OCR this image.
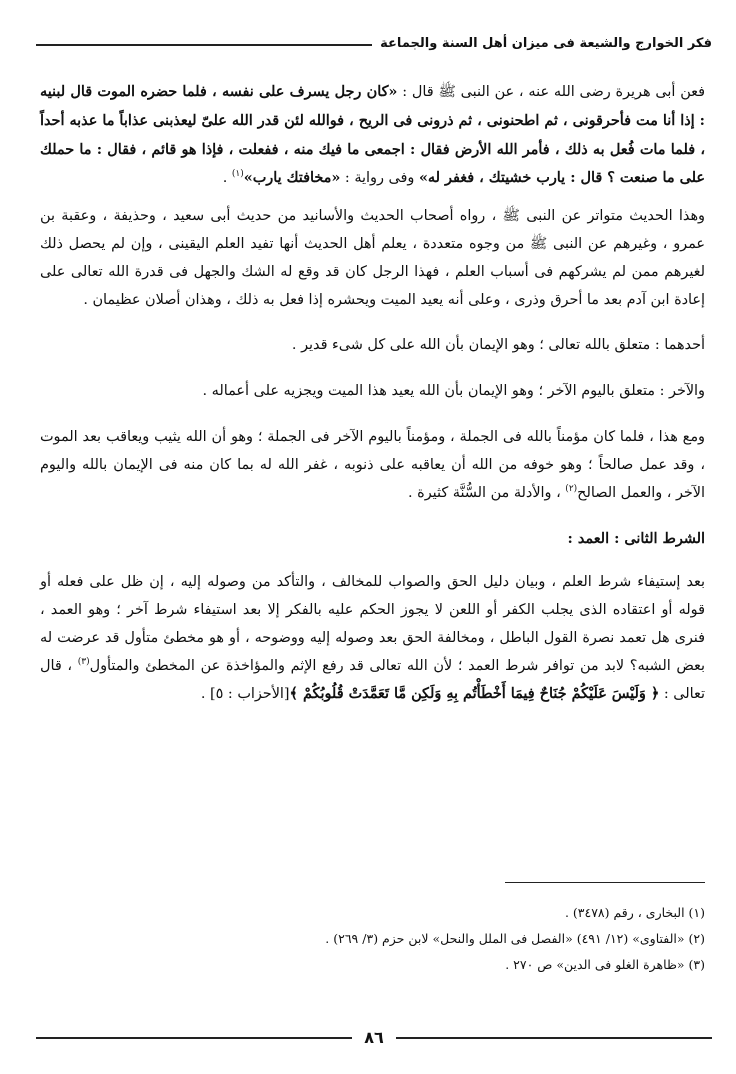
فكر الخوارج والشيعة فى ميزان أهل السنة والجماعة

فعن أبى هريرة رضى الله عنه ، عن النبى ﷺ قال : «كان رجل يسرف على نفسه ، فلما حضره الموت قال لبنيه : إذا أنا مت فأحرقونى ، ثم اطحنونى ، ثم ذرونى فى الريح ، فوالله لئن قدر الله علىّ ليعذبنى عذاباً ما عذبه أحداً ، فلما مات فُعل به ذلك ، فأمر الله الأرض فقال : اجمعى ما فيك منه ، ففعلت ، فإذا هو قائم ، فقال : ما حملك على ما صنعت ؟ قال : يارب خشيتك ، فغفر له» وفى رواية : «مخافتك يارب»$^{(١)}$ .

وهذا الحديث متواتر عن النبى ﷺ ، رواه أصحاب الحديث والأسانيد من حديث أبى سعيد ، وحذيفة ، وعقبة بن عمرو ، وغيرهم عن النبى ﷺ من وجوه متعددة ، يعلم أهل الحديث أنها تفيد العلم اليقينى ، وإن لم يحصل ذلك لغيرهم ممن لم يشركهم فى أسباب العلم ، فهذا الرجل كان قد وقع له الشك والجهل فى قدرة الله تعالى على إعادة ابن آدم بعد ما أحرق وذرى ، وعلى أنه يعيد الميت ويحشره إذا فعل به ذلك ، وهذان أصلان عظيمان .

أحدهما : متعلق بالله تعالى ؛ وهو الإيمان بأن الله على كل شىء قدير .

والآخر : متعلق باليوم الآخر ؛ وهو الإيمان بأن الله يعيد هذا الميت ويجزيه على أعماله .

ومع هذا ، فلما كان مؤمناً بالله فى الجملة ، ومؤمناً باليوم الآخر فى الجملة ؛ وهو أن الله يثيب ويعاقب بعد الموت ، وقد عمل صالحاً ؛ وهو خوفه من الله أن يعاقبه على ذنوبه ، غفر الله له بما كان منه فى الإيمان بالله واليوم الآخر ، والعمل الصالح$^{(٢)}$ ، والأدلة من السُّنَّة كثيرة .

الشرط الثانى : العمد :

بعد إستيفاء شرط العلم ، وبيان دليل الحق والصواب للمخالف ، والتأكد من وصوله إليه ، إن ظل على فعله أو قوله أو اعتقاده الذى يجلب الكفر أو اللعن لا يجوز الحكم عليه بالفكر إلا بعد استيفاء شرط آخر ؛ وهو العمد ، فنرى هل تعمد نصرة القول الباطل ، ومخالفة الحق بعد وصوله إليه ووضوحه ، أو هو مخطئ متأول قد عرضت له بعض الشبه؟ لابد من توافر شرط العمد ؛ لأن الله تعالى قد رفع الإثم والمؤاخذة عن المخطئ والمتأول$^{(٣)}$ ، قال تعالى : ﴿ وَلَيْسَ عَلَيْكُمْ جُنَاحٌ فِيمَا أَخْطَأْتُم بِهِ وَلَكِن مَّا تَعَمَّدَتْ قُلُوبُكُمْ ﴾[الأحزاب : ٥] .

(١) البخارى ، رقم (٣٤٧٨) .
(٢) «الفتاوى» (١٢/ ٤٩١) «الفصل فى الملل والنحل» لابن حزم (٣/ ٢٦٩) .
(٣) «ظاهرة الغلو فى الدين» ص ٢٧٠ .
٨٦
